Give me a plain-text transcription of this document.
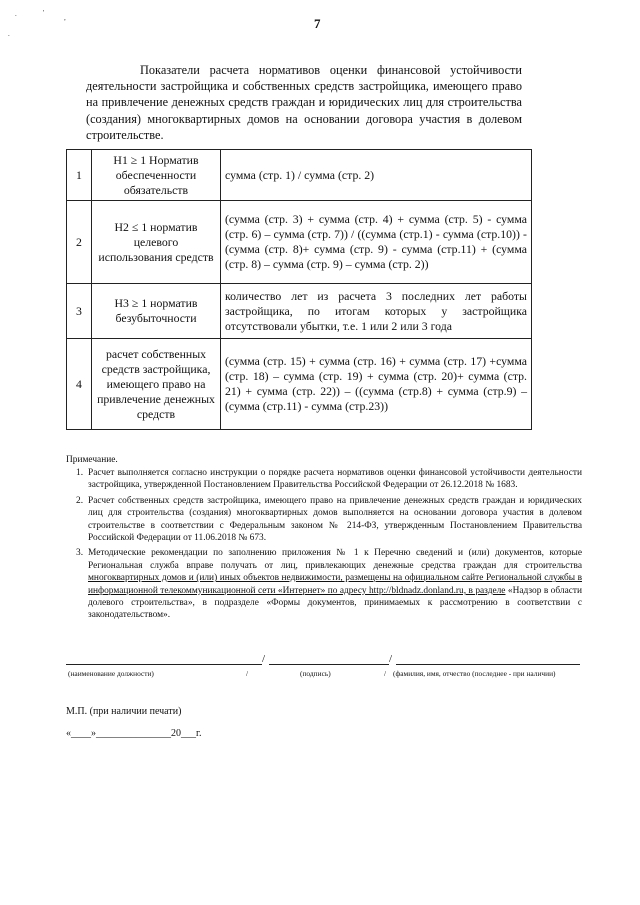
.	'
,
.
7

Показатели расчета нормативов оценки финансовой устойчивости деятельности застройщика и собственных средств застройщика, имеющего право на привлечение денежных средств граждан и юридических лиц для строительства (создания) многоквартирных домов на основании договора участия в долевом строительстве.

1	Н1 ≥ 1 Норматив обеспеченности обязательств	сумма (стр. 1) / сумма (стр. 2)
2	Н2 ≤ 1 норматив целевого использования средств	(сумма (стр. 3) + сумма (стр. 4) + сумма (стр. 5) - сумма (стр. 6) – сумма (стр. 7)) / ((сумма (стр.1) - сумма (стр.10)) - (сумма (стр. 8)+ сумма (стр. 9) - сумма (стр.11) + (сумма (стр. 8) – сумма (стр. 9) – сумма (стр. 2))
3	Н3 ≥ 1 норматив безубыточности	количество лет из расчета 3 последних лет работы застройщика, по итогам которых у застройщика отсутствовали убытки, т.е. 1 или 2 или 3 года
4	расчет собственных средств застройщика, имеющего право на привлечение денежных средств	(сумма (стр. 15) + сумма (стр. 16) + сумма (стр. 17) +сумма (стр. 18) – сумма (стр. 19) + сумма (стр. 20)+ сумма (стр. 21) + сумма (стр. 22)) – ((сумма (стр.8) + сумма (стр.9) – (сумма (стр.11) - сумма (стр.23))
Примечание.
1. Расчет выполняется согласно инструкции о порядке расчета нормативов оценки финансовой устойчивости деятельности застройщика, утвержденной Постановлением Правительства Российской Федерации от 26.12.2018 № 1683.
2. Расчет собственных средств застройщика, имеющего право на привлечение денежных средств граждан и юридических лиц для строительства (создания) многоквартирных домов выполняется на основании договора участия в долевом строительстве в соответствии с Федеральным законом № 214-ФЗ, утвержденным Постановлением Правительства Российской Федерации от 11.06.2018 № 673.
3. Методические рекомендации по заполнению приложения № 1 к Перечню сведений и (или) документов, которые Региональная служба вправе получать от лиц, привлекающих денежные средства граждан для строительства многоквартирных домов и (или) иных объектов недвижимости, размещены на официальном сайте Региональной службы в информационной телекоммуникационной сети «Интернет» по адресу http://bldnadz.donland.ru, в разделе «Надзор в области долевого строительства», в подразделе «Формы документов, принимаемых к рассмотрению в соответствии с законодательством».
/	/
(наименование должности)	/	(подпись)	/ (фамилия, имя, отчество (последнее - при наличии)
М.П. (при наличии печати)
«____»_______________20___г.
